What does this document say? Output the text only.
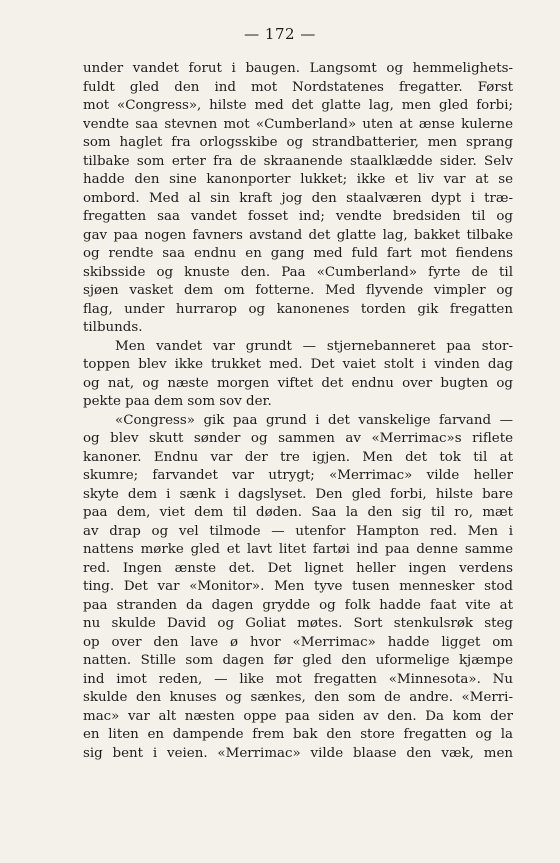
— 172 —
under vandet forut i baugen. Langsomt og hemmelighets-
fuldt gled den ind mot Nordstatenes fregatter. Først
mot «Congress», hilste med det glatte lag, men gled forbi;
vendte saa stevnen mot «Cumberland» uten at ænse kulerne
som haglet fra orlogsskibe og strandbatterier, men sprang
tilbake som erter fra de skraanende staalklædde sider. Selv
hadde den sine kanonporter lukket; ikke et liv var at se
ombord. Med al sin kraft jog den staalværen dypt i træ-
fregatten saa vandet fosset ind; vendte bredsiden til og
gav paa nogen favners avstand det glatte lag, bakket tilbake
og rendte saa endnu en gang med fuld fart mot fiendens
skibsside og knuste den. Paa «Cumberland» fyrte de til
sjøen vasket dem om fotterne. Med flyvende vimpler og
flag, under hurrarop og kanonenes torden gik fregatten
tilbunds.
Men vandet var grundt — stjernebanneret paa stor-
toppen blev ikke trukket med. Det vaiet stolt i vinden dag
og nat, og næste morgen viftet det endnu over bugten og
pekte paa dem som sov der.
«Congress» gik paa grund i det vanskelige farvand —
og blev skutt sønder og sammen av «Merrimac»s riflete
kanoner. Endnu var der tre igjen. Men det tok til at
skumre; farvandet var utrygt; «Merrimac» vilde heller
skyte dem i sænk i dagslyset. Den gled forbi, hilste bare
paa dem, viet dem til døden. Saa la den sig til ro, mæt
av drap og vel tilmode — utenfor Hampton red. Men i
nattens mørke gled et lavt litet fartøi ind paa denne samme
red. Ingen ænste det. Det lignet heller ingen verdens
ting. Det var «Monitor». Men tyve tusen mennesker stod
paa stranden da dagen grydde og folk hadde faat vite at
nu skulde David og Goliat møtes. Sort stenkulsrøk steg
op over den lave ø hvor «Merrimac» hadde ligget om
natten. Stille som dagen før gled den uformelige kjæmpe
ind imot reden, — like mot fregatten «Minnesota». Nu
skulde den knuses og sænkes, den som de andre. «Merri-
mac» var alt næsten oppe paa siden av den. Da kom der
en liten en dampende frem bak den store fregatten og la
sig bent i veien. «Merrimac» vilde blaase den væk, men
